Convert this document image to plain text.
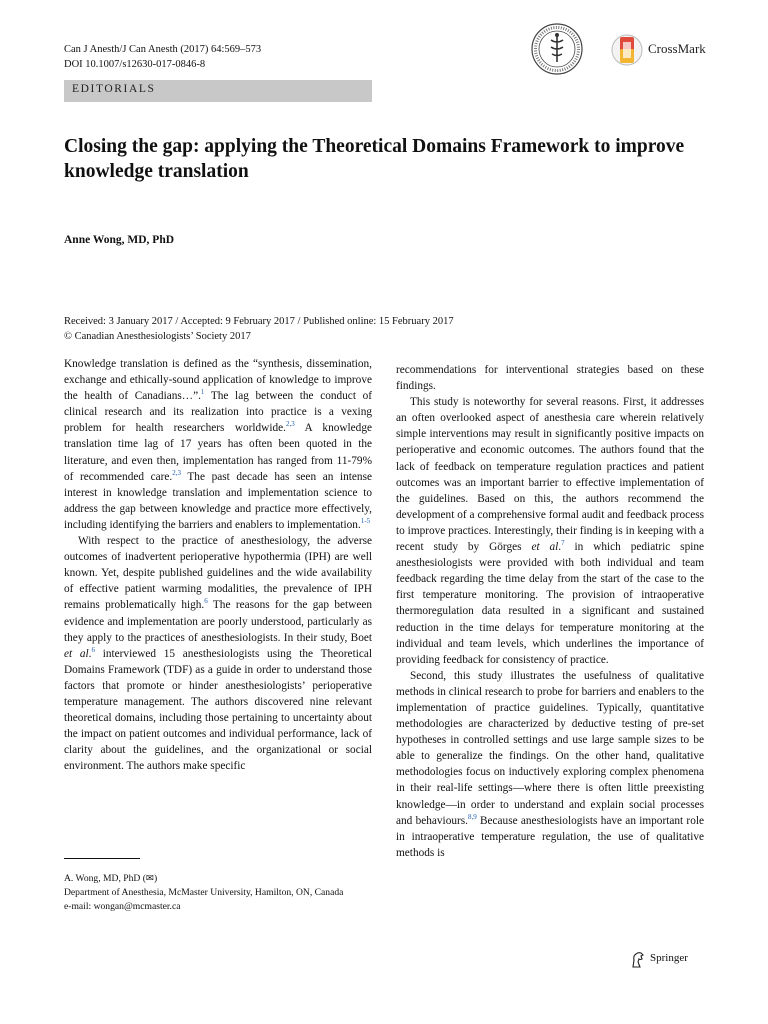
Can J Anesth/J Can Anesth (2017) 64:569–573
DOI 10.1007/s12630-017-0846-8
CrossMark
EDITORIALS
Closing the gap: applying the Theoretical Domains Framework to improve knowledge translation
Anne Wong, MD, PhD
Received: 3 January 2017 / Accepted: 9 February 2017 / Published online: 15 February 2017
© Canadian Anesthesiologists’ Society 2017

Knowledge translation is defined as the “synthesis, dissemination, exchange and ethically-sound application of knowledge to improve the health of Canadians…”.$^1$ The lag between the conduct of clinical research and its realization into practice is a vexing problem for health researchers worldwide.$^{2,3}$ A knowledge translation time lag of 17 years has often been quoted in the literature, and even then, implementation has ranged from 11-79% of recommended care.$^{2,3}$ The past decade has seen an intense interest in knowledge translation and implementation science to address the gap between knowledge and practice more effectively, including identifying the barriers and enablers to implementation.$^{1-5}$

With respect to the practice of anesthesiology, the adverse outcomes of inadvertent perioperative hypothermia (IPH) are well known. Yet, despite published guidelines and the wide availability of effective patient warming modalities, the prevalence of IPH remains problematically high.$^6$ The reasons for the gap between evidence and implementation are poorly understood, particularly as they apply to the practices of anesthesiologists. In their study, Boet et al.$^6$ interviewed 15 anesthesiologists using the Theoretical Domains Framework (TDF) as a guide in order to understand those factors that promote or hinder anesthesiologists’ perioperative temperature management. The authors discovered nine relevant theoretical domains, including those pertaining to uncertainty about the impact on patient outcomes and individual performance, lack of clarity about the guidelines, and the organizational or social environment. The authors make specific

recommendations for interventional strategies based on these findings.

This study is noteworthy for several reasons. First, it addresses an often overlooked aspect of anesthesia care wherein relatively simple interventions may result in significantly positive impacts on perioperative and economic outcomes. The authors found that the lack of feedback on temperature regulation practices and patient outcomes was an important barrier to effective implementation of the guidelines. Based on this, the authors recommend the development of a comprehensive formal audit and feedback process to improve practices. Interestingly, their finding is in keeping with a recent study by Görges et al.$^7$ in which pediatric spine anesthesiologists were provided with both individual and team feedback regarding the time delay from the start of the case to the first temperature monitoring. The provision of intraoperative thermoregulation data resulted in a significant and sustained reduction in the time delays for temperature monitoring at the individual and team levels, which underlines the importance of providing feedback for consistency of practice.

Second, this study illustrates the usefulness of qualitative methods in clinical research to probe for barriers and enablers to the implementation of practice guidelines. Typically, quantitative methodologies are characterized by deductive testing of pre-set hypotheses in controlled settings and use large sample sizes to be able to generalize the findings. On the other hand, qualitative methodologies focus on inductively exploring complex phenomena in their real-life settings—where there is often little preexisting knowledge—in order to understand and explain social processes and behaviours.$^{8,9}$ Because anesthesiologists have an important role in intraoperative temperature regulation, the use of qualitative methods is

A. Wong, MD, PhD (✉)
Department of Anesthesia, McMaster University, Hamilton, ON, Canada
e-mail: wongan@mcmaster.ca
Springer
